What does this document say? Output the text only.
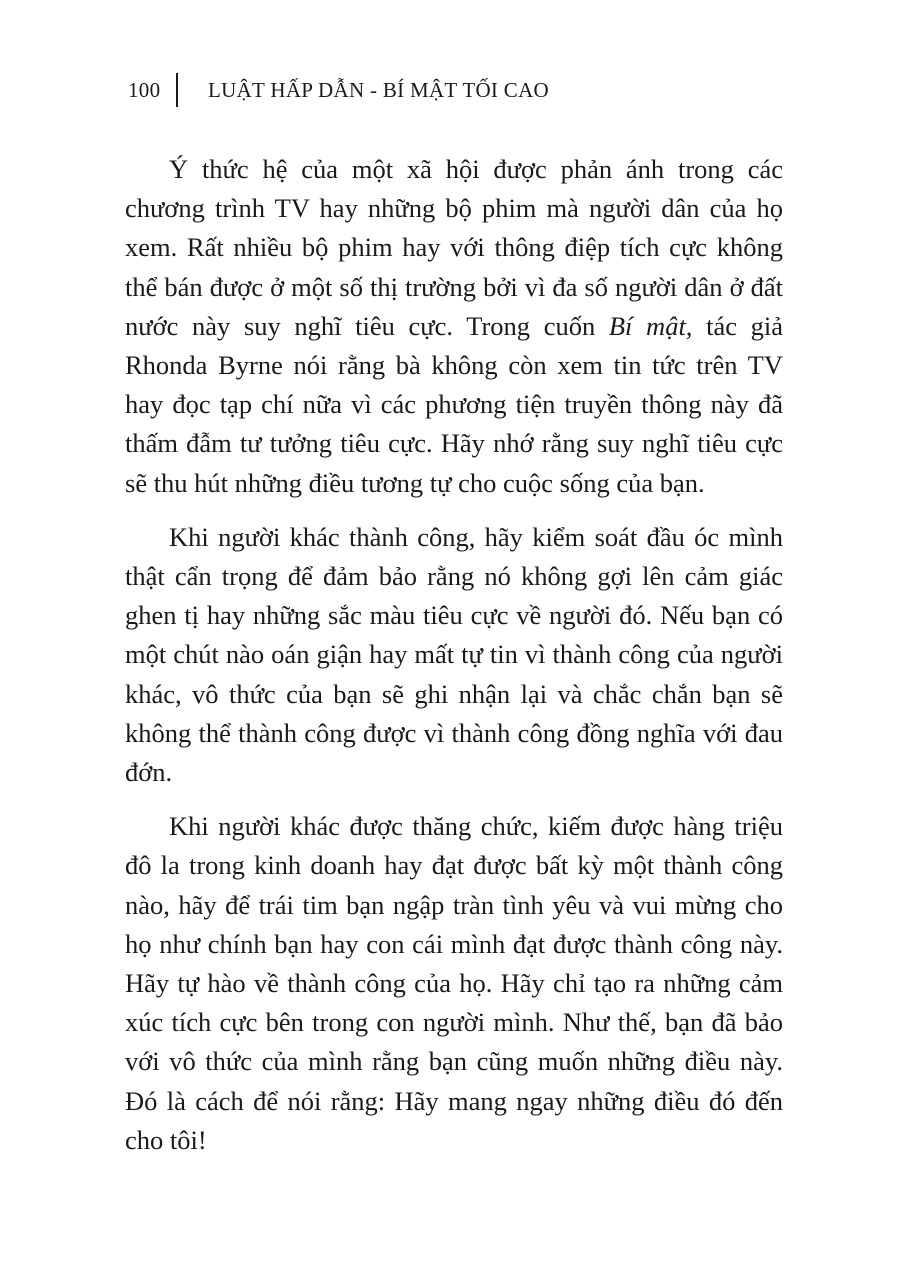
100	LUẬT HẤP DẪN - BÍ MẬT TỐI CAO

Ý thức hệ của một xã hội được phản ánh trong các chương trình TV hay những bộ phim mà người dân của họ xem. Rất nhiều bộ phim hay với thông điệp tích cực không thể bán được ở một số thị trường bởi vì đa số người dân ở đất nước này suy nghĩ tiêu cực. Trong cuốn Bí mật, tác giả Rhonda Byrne nói rằng bà không còn xem tin tức trên TV hay đọc tạp chí nữa vì các phương tiện truyền thông này đã thấm đẫm tư tưởng tiêu cực. Hãy nhớ rằng suy nghĩ tiêu cực sẽ thu hút những điều tương tự cho cuộc sống của bạn.

Khi người khác thành công, hãy kiểm soát đầu óc mình thật cẩn trọng để đảm bảo rằng nó không gợi lên cảm giác ghen tị hay những sắc màu tiêu cực về người đó. Nếu bạn có một chút nào oán giận hay mất tự tin vì thành công của người khác, vô thức của bạn sẽ ghi nhận lại và chắc chắn bạn sẽ không thể thành công được vì thành công đồng nghĩa với đau đớn.

Khi người khác được thăng chức, kiếm được hàng triệu đô la trong kinh doanh hay đạt được bất kỳ một thành công nào, hãy để trái tim bạn ngập tràn tình yêu và vui mừng cho họ như chính bạn hay con cái mình đạt được thành công này. Hãy tự hào về thành công của họ. Hãy chỉ tạo ra những cảm xúc tích cực bên trong con người mình. Như thế, bạn đã bảo với vô thức của mình rằng bạn cũng muốn những điều này. Đó là cách để nói rằng: Hãy mang ngay những điều đó đến cho tôi!
